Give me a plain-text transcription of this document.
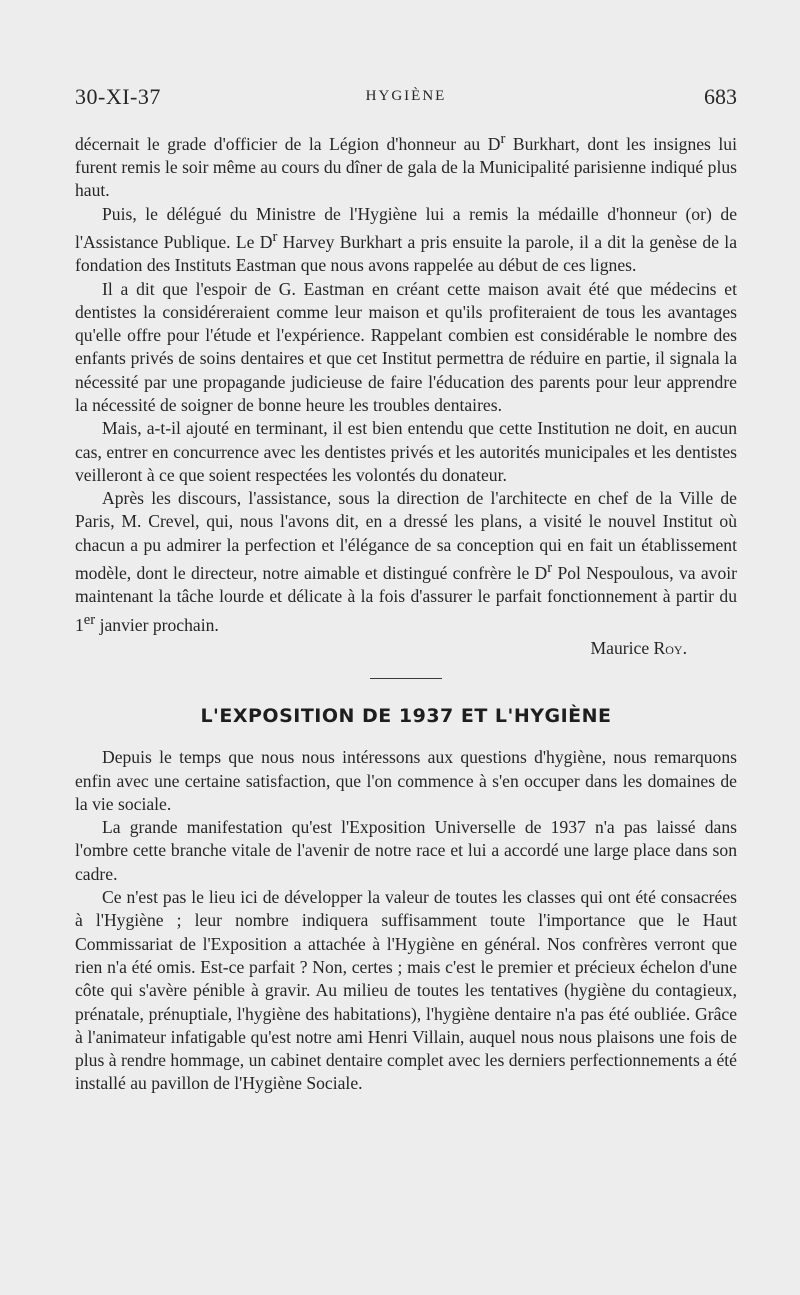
30-XI-37	HYGIÈNE	683

décernait le grade d'officier de la Légion d'honneur au $D^r$ Burkhart, dont les insignes lui furent remis le soir même au cours du dîner de gala de la Municipalité parisienne indiqué plus haut.

Puis, le délégué du Ministre de l'Hygiène lui a remis la médaille d'honneur (or) de l'Assistance Publique. Le $D^r$ Harvey Burkhart a pris ensuite la parole, il a dit la genèse de la fondation des Instituts Eastman que nous avons rappelée au début de ces lignes.

Il a dit que l'espoir de G. Eastman en créant cette maison avait été que médecins et dentistes la considéreraient comme leur maison et qu'ils profiteraient de tous les avantages qu'elle offre pour l'étude et l'expérience. Rappelant combien est considérable le nombre des enfants privés de soins dentaires et que cet Institut permettra de réduire en partie, il signala la nécessité par une propagande judicieuse de faire l'éducation des parents pour leur apprendre la nécessité de soigner de bonne heure les troubles dentaires.

Mais, a-t-il ajouté en terminant, il est bien entendu que cette Institution ne doit, en aucun cas, entrer en concurrence avec les dentistes privés et les autorités municipales et les dentistes veilleront à ce que soient respectées les volontés du donateur.

Après les discours, l'assistance, sous la direction de l'architecte en chef de la Ville de Paris, M. Crevel, qui, nous l'avons dit, en a dressé les plans, a visité le nouvel Institut où chacun a pu admirer la perfection et l'élégance de sa conception qui en fait un établissement modèle, dont le directeur, notre aimable et distingué confrère le $D^r$ Pol Nespoulous, va avoir maintenant la tâche lourde et délicate à la fois d'assurer le parfait fonctionnement à partir du 1er janvier prochain.

Maurice Roy.
L'EXPOSITION DE 1937 ET L'HYGIÈNE

Depuis le temps que nous nous intéressons aux questions d'hygiène, nous remarquons enfin avec une certaine satisfaction, que l'on commence à s'en occuper dans les domaines de la vie sociale.

La grande manifestation qu'est l'Exposition Universelle de 1937 n'a pas laissé dans l'ombre cette branche vitale de l'avenir de notre race et lui a accordé une large place dans son cadre.

Ce n'est pas le lieu ici de développer la valeur de toutes les classes qui ont été consacrées à l'Hygiène ; leur nombre indiquera suffisamment toute l'importance que le Haut Commissariat de l'Exposition a attachée à l'Hygiène en général. Nos confrères verront que rien n'a été omis. Est-ce parfait ? Non, certes ; mais c'est le premier et précieux échelon d'une côte qui s'avère pénible à gravir. Au milieu de toutes les tentatives (hygiène du contagieux, prénatale, prénuptiale, l'hygiène des habitations), l'hygiène dentaire n'a pas été oubliée. Grâce à l'animateur infatigable qu'est notre ami Henri Villain, auquel nous nous plaisons une fois de plus à rendre hommage, un cabinet dentaire complet avec les derniers perfectionnements a été installé au pavillon de l'Hygiène Sociale.
